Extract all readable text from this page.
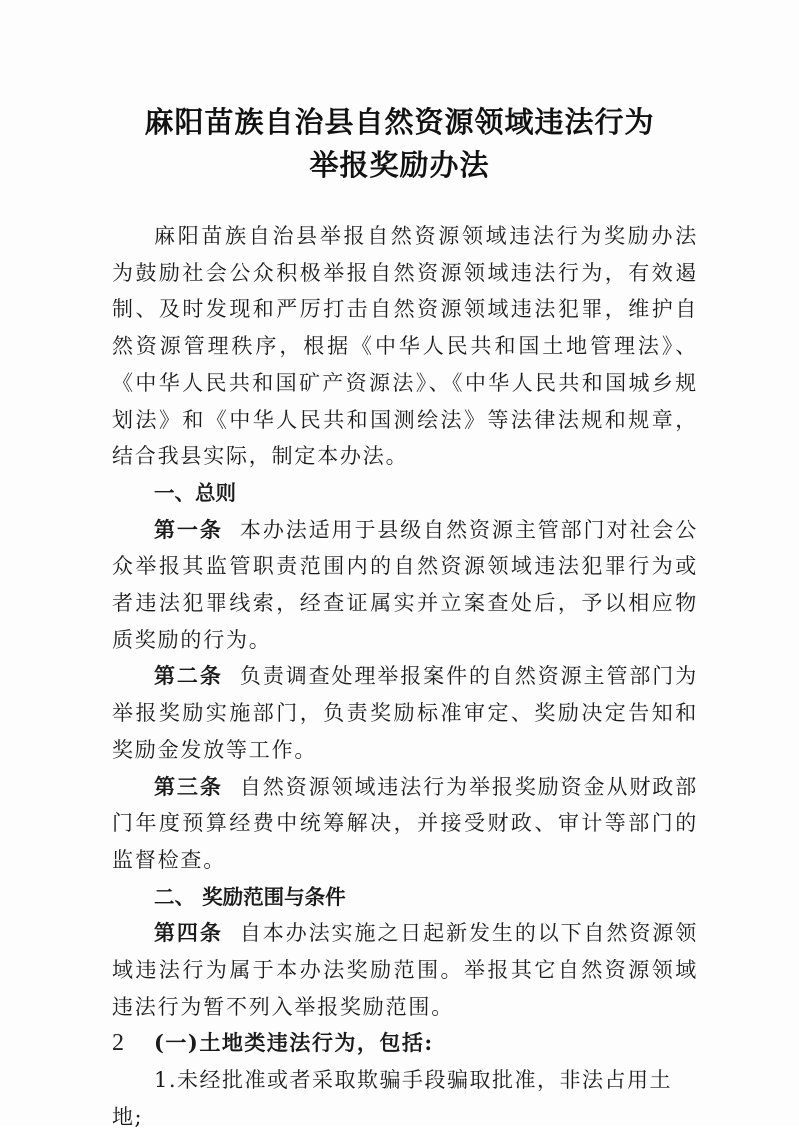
麻阳苗族自治县自然资源领域违法行为
举报奖励办法

麻阳苗族自治县举报自然资源领域违法行为奖励办法为鼓励社会公众积极举报自然资源领域违法行为，有效遏制、及时发现和严厉打击自然资源领域违法犯罪，维护自然资源管理秩序，根据《中华人民共和国土地管理法》、《中华人民共和国矿产资源法》、《中华人民共和国城乡规划法》和《中华人民共和国测绘法》等法律法规和规章，结合我县实际，制定本办法。

一、总则

第一条 本办法适用于县级自然资源主管部门对社会公众举报其监管职责范围内的自然资源领域违法犯罪行为或者违法犯罪线索，经查证属实并立案查处后，予以相应物质奖励的行为。

第二条 负责调查处理举报案件的自然资源主管部门为举报奖励实施部门，负责奖励标准审定、奖励决定告知和奖励金发放等工作。

第三条 自然资源领域违法行为举报奖励资金从财政部门年度预算经费中统筹解决，并接受财政、审计等部门的监督检查。

二、 奖励范围与条件

第四条 自本办法实施之日起新发生的以下自然资源领域违法行为属于本办法奖励范围。举报其它自然资源领域违法行为暂不列入举报奖励范围。

(一)土地类违法行为，包括:

1.未经批准或者采取欺骗手段骗取批准，非法占用土地;

2
